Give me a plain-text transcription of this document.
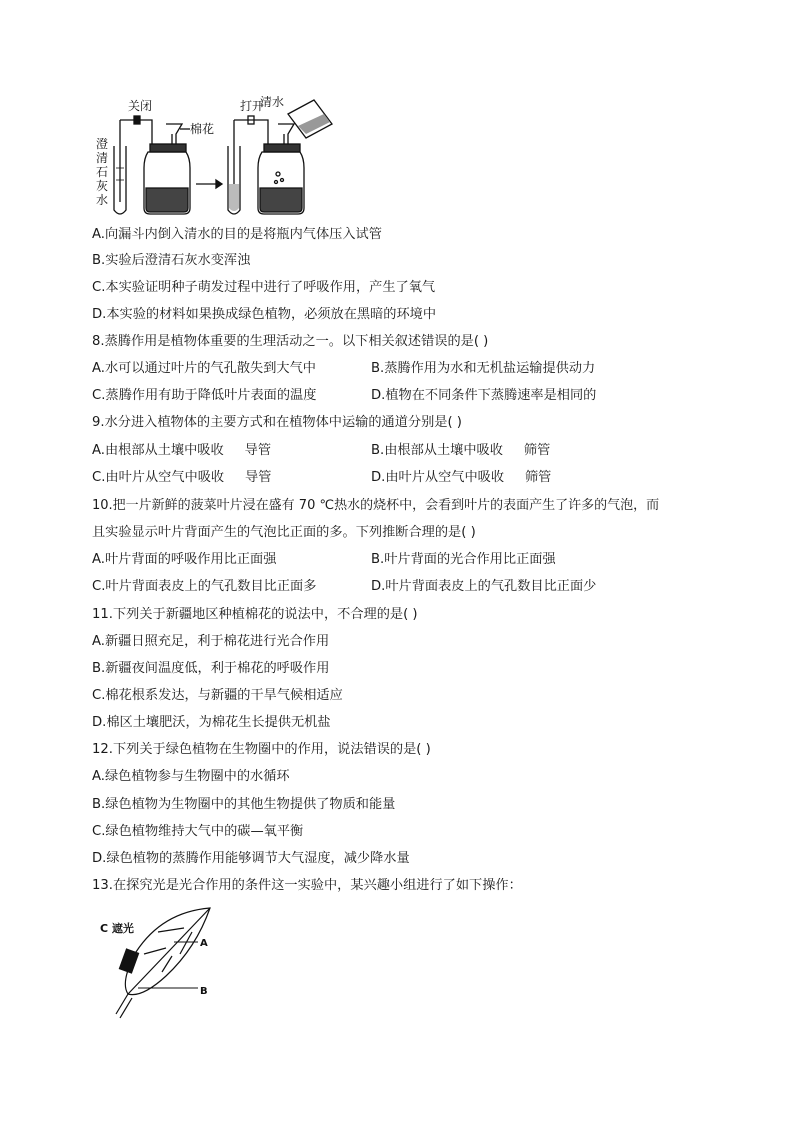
澄 清 石 灰 水
关闭
棉花
打开
清水
A.向漏斗内倒入清水的目的是将瓶内气体压入试管
B.实验后澄清石灰水变浑浊
C.本实验证明种子萌发过程中进行了呼吸作用，产生了氧气
D.本实验的材料如果换成绿色植物，必须放在黑暗的环境中
8.蒸腾作用是植物体重要的生理活动之一。以下相关叙述错误的是( )
A.水可以通过叶片的气孔散失到大气中	B.蒸腾作用为水和无机盐运输提供动力
C.蒸腾作用有助于降低叶片表面的温度	D.植物在不同条件下蒸腾速率是相同的
9.水分进入植物体的主要方式和在植物体中运输的通道分别是( )
A.由根部从土壤中吸收     导管	B.由根部从土壤中吸收     筛管
C.由叶片从空气中吸收     导管	D.由叶片从空气中吸收     筛管
10.把一片新鲜的菠菜叶片浸在盛有 70 ℃热水的烧杯中，会看到叶片的表面产生了许多的气泡，而
且实验显示叶片背面产生的气泡比正面的多。下列推断合理的是( )
A.叶片背面的呼吸作用比正面强	B.叶片背面的光合作用比正面强
C.叶片背面表皮上的气孔数目比正面多	D.叶片背面表皮上的气孔数目比正面少
11.下列关于新疆地区种植棉花的说法中，不合理的是( )
A.新疆日照充足，利于棉花进行光合作用
B.新疆夜间温度低，利于棉花的呼吸作用
C.棉花根系发达，与新疆的干旱气候相适应
D.棉区土壤肥沃，为棉花生长提供无机盐
12.下列关于绿色植物在生物圈中的作用，说法错误的是( )
A.绿色植物参与生物圈中的水循环
B.绿色植物为生物圈中的其他生物提供了物质和能量
C.绿色植物维持大气中的碳—氧平衡
D.绿色植物的蒸腾作用能够调节大气湿度，减少降水量
13.在探究光是光合作用的条件这一实验中，某兴趣小组进行了如下操作：
C 遮光
A
B
